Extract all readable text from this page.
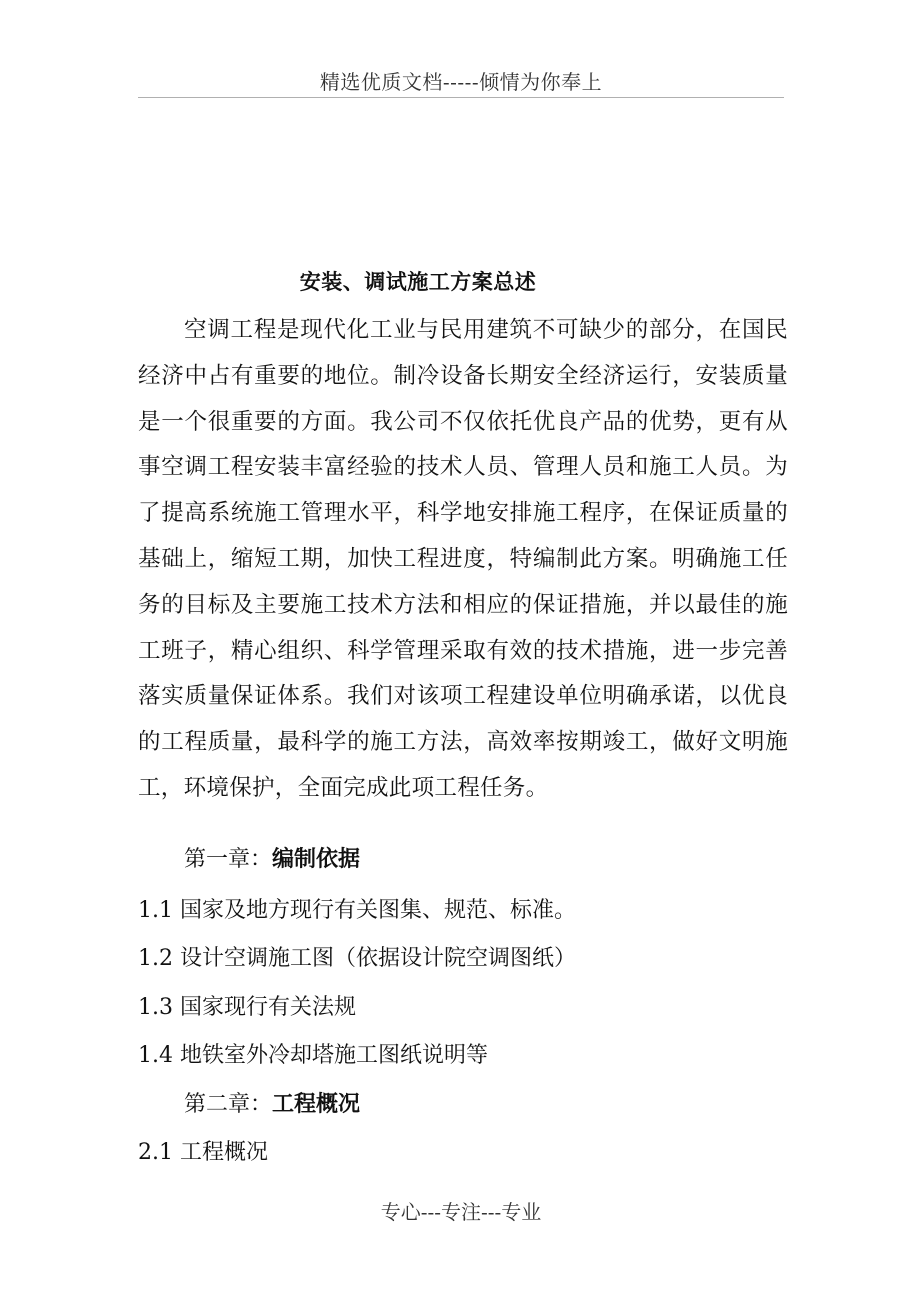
精选优质文档-----倾情为你奉上
安装、调试施工方案总述

空调工程是现代化工业与民用建筑不可缺少的部分，在国民经济中占有重要的地位。制冷设备长期安全经济运行，安装质量是一个很重要的方面。我公司不仅依托优良产品的优势，更有从事空调工程安装丰富经验的技术人员、管理人员和施工人员。为了提高系统施工管理水平，科学地安排施工程序，在保证质量的基础上，缩短工期，加快工程进度，特编制此方案。明确施工任务的目标及主要施工技术方法和相应的保证措施，并以最佳的施工班子，精心组织、科学管理采取有效的技术措施，进一步完善落实质量保证体系。我们对该项工程建设单位明确承诺，以优良的工程质量，最科学的施工方法，高效率按期竣工，做好文明施工，环境保护，全面完成此项工程任务。

第一章：编制依据

1.1 国家及地方现行有关图集、规范、标准。

1.2 设计空调施工图（依据设计院空调图纸）

1.3 国家现行有关法规

1.4 地铁室外冷却塔施工图纸说明等

第二章：工程概况

2.1 工程概况

专心---专注---专业
